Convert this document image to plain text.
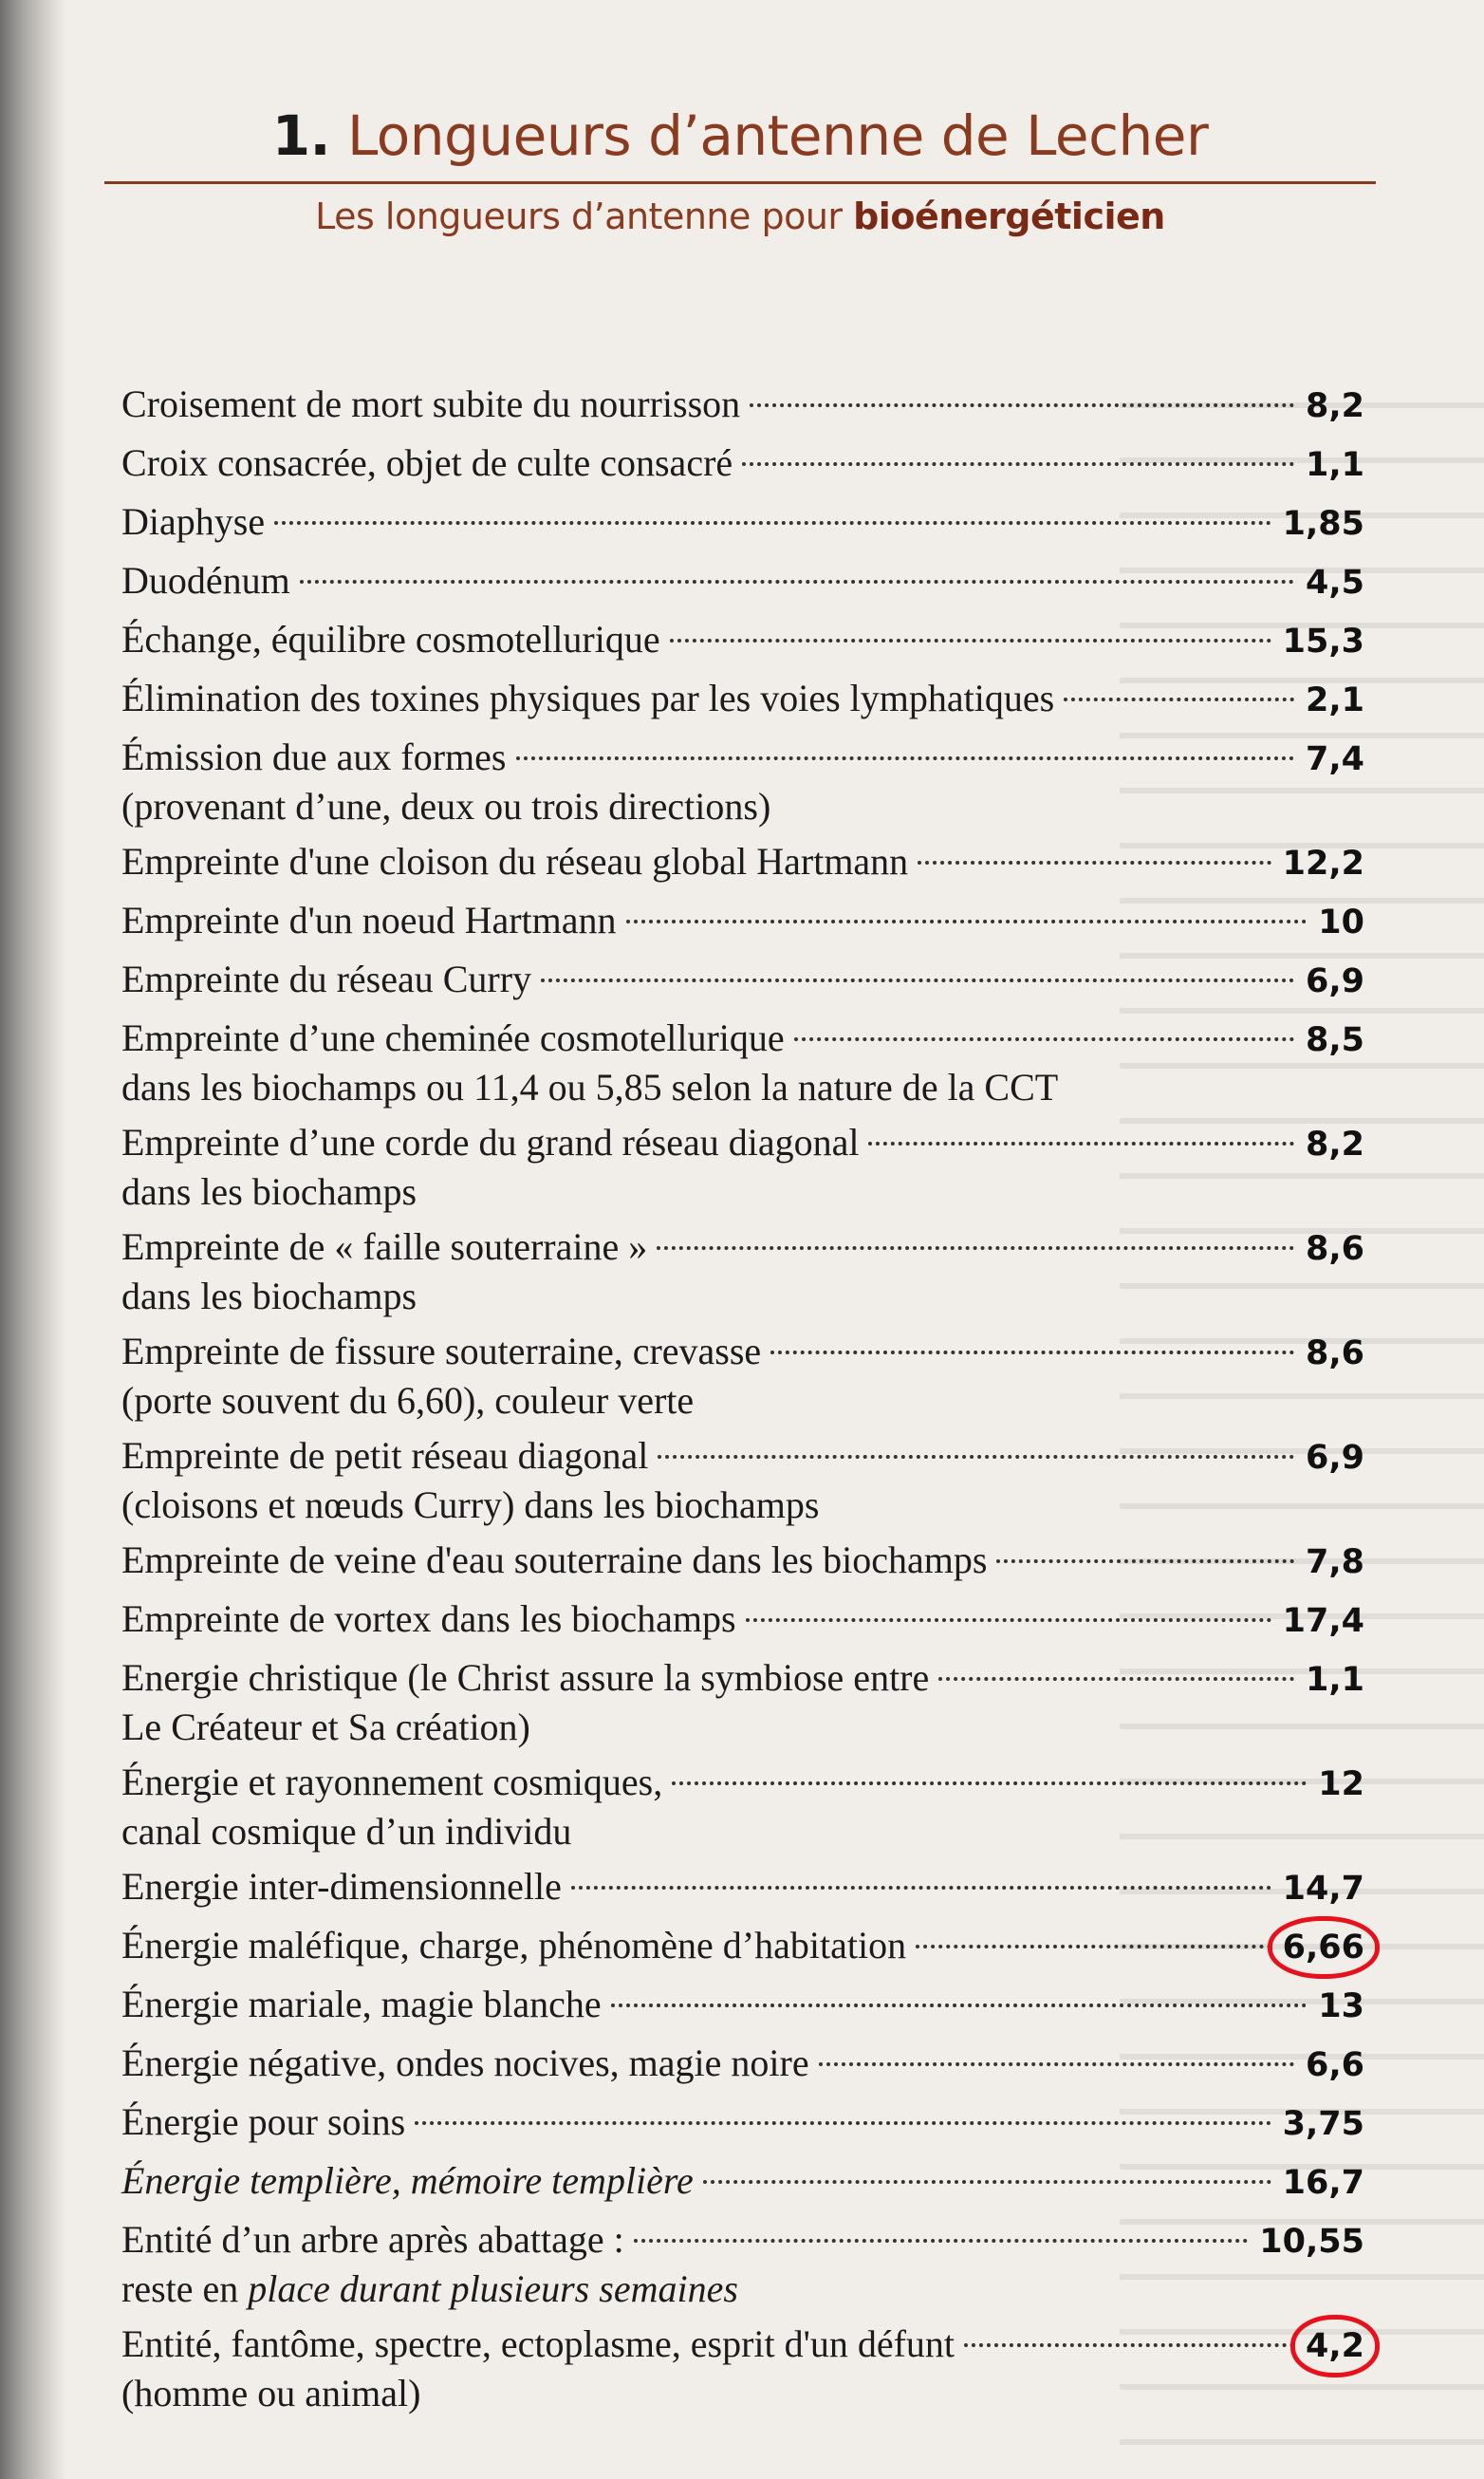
1. Longueurs d’antenne de Lecher
Les longueurs d’antenne pour bioénergéticien
Croisement de mort subite du nourrisson	8,2
Croix consacrée, objet de culte consacré	1,1
Diaphyse	1,85
Duodénum	4,5
Échange, équilibre cosmotellurique	15,3
Élimination des toxines physiques par les voies lymphatiques	2,1
Émission due aux formes	7,4
(provenant d’une, deux ou trois directions)
Empreinte d'une cloison du réseau global Hartmann	12,2
Empreinte d'un noeud Hartmann	10
Empreinte du réseau Curry	6,9
Empreinte d’une cheminée cosmotellurique	8,5
dans les biochamps ou 11,4 ou 5,85 selon la nature de la CCT
Empreinte d’une corde du grand réseau diagonal	8,2
dans les biochamps
Empreinte de « faille souterraine »	8,6
dans les biochamps
Empreinte de fissure souterraine, crevasse	8,6
(porte souvent du 6,60), couleur verte
Empreinte de petit réseau diagonal	6,9
(cloisons et nœuds Curry) dans les biochamps
Empreinte de veine d'eau souterraine dans les biochamps	7,8
Empreinte de vortex dans les biochamps	17,4
Energie christique (le Christ assure la symbiose entre	1,1
Le Créateur et Sa création)
Énergie et rayonnement cosmiques,	12
canal cosmique d’un individu
Energie inter-dimensionnelle	14,7
Énergie maléfique, charge, phénomène d’habitation	6,66
Énergie mariale, magie blanche	13
Énergie négative, ondes nocives, magie noire	6,6
Énergie pour soins	3,75
Énergie templière, mémoire templière	16,7
Entité d’un arbre après abattage :	10,55
reste en place durant plusieurs semaines
Entité, fantôme, spectre, ectoplasme, esprit d'un défunt	4,2
(homme ou animal)
